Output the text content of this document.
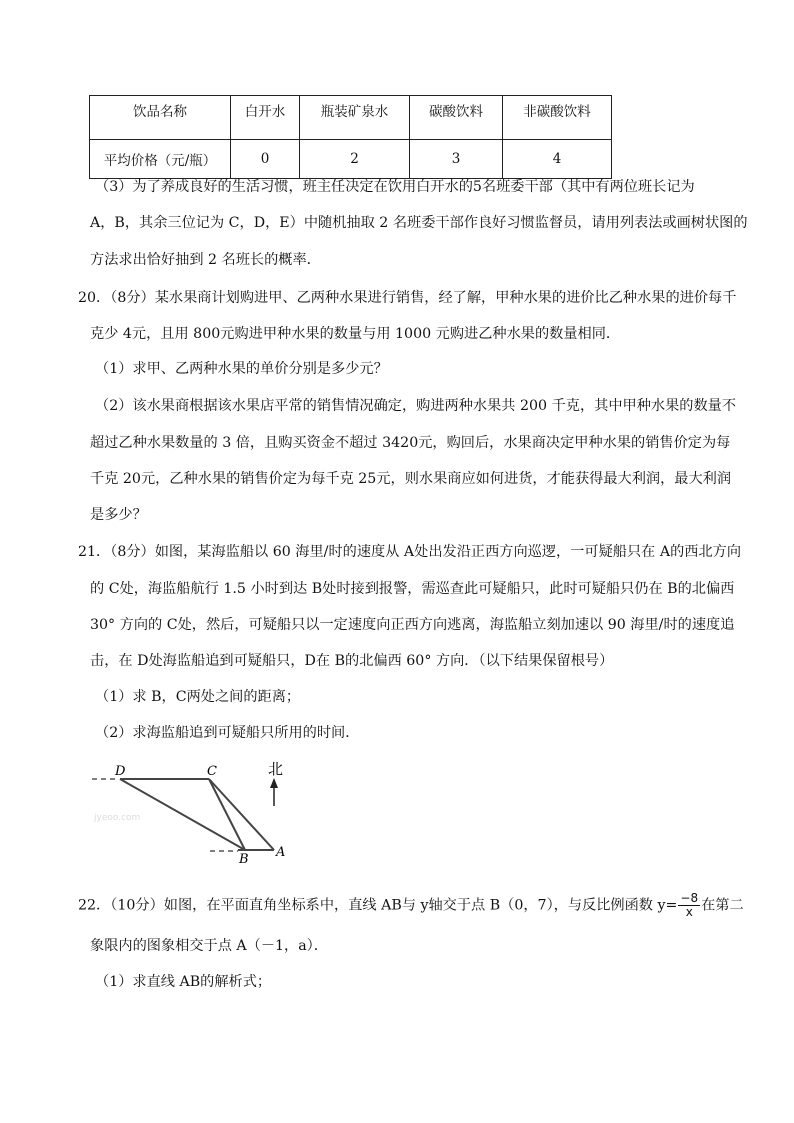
饮品名称	白开水	瓶装矿泉水	碳酸饮料	非碳酸饮料
平均价格（元/瓶）	0	2	3	4
（3）为了养成良好的生活习惯，班主任决定在饮用白开水的5名班委干部（其中有两位班长记为
A，B，其余三位记为 C，D，E）中随机抽取 2 名班委干部作良好习惯监督员，请用列表法或画树状图的
方法求出恰好抽到 2 名班长的概率．
20．（8分）某水果商计划购进甲、乙两种水果进行销售，经了解，甲种水果的进价比乙种水果的进价每千
克少 4元，且用 800元购进甲种水果的数量与用 1000 元购进乙种水果的数量相同．
（1）求甲、乙两种水果的单价分别是多少元？
（2）该水果商根据该水果店平常的销售情况确定，购进两种水果共 200 千克，其中甲种水果的数量不
超过乙种水果数量的 3 倍，且购买资金不超过 3420元，购回后，水果商决定甲种水果的销售价定为每
千克 20元，乙种水果的销售价定为每千克 25元，则水果商应如何进货，才能获得最大利润，最大利润
是多少？
21．（8分）如图，某海监船以 60 海里/时的速度从 A处出发沿正西方向巡逻，一可疑船只在 A的西北方向
的 C处，海监船航行 1.5 小时到达 B处时接到报警，需巡查此可疑船只，此时可疑船只仍在 B的北偏西
30° 方向的 C处，然后，可疑船只以一定速度向正西方向逃离，海监船立刻加速以 90 海里/时的速度追
击，在 D处海监船追到可疑船只，D在 B的北偏西 60° 方向．（以下结果保留根号）
（1）求 B，C两处之间的距离；
（2）求海监船追到可疑船只所用的时间．
D	C
B A
北
jyeoo.com
22．（10分）如图，在平面直角坐标系中，直线 AB与 y轴交于点 B（0，7），与反比例函数 $y= \frac{-8}{x}$ 在第二
象限内的图象相交于点 A（－1，a）．
（1）求直线 AB的解析式；
